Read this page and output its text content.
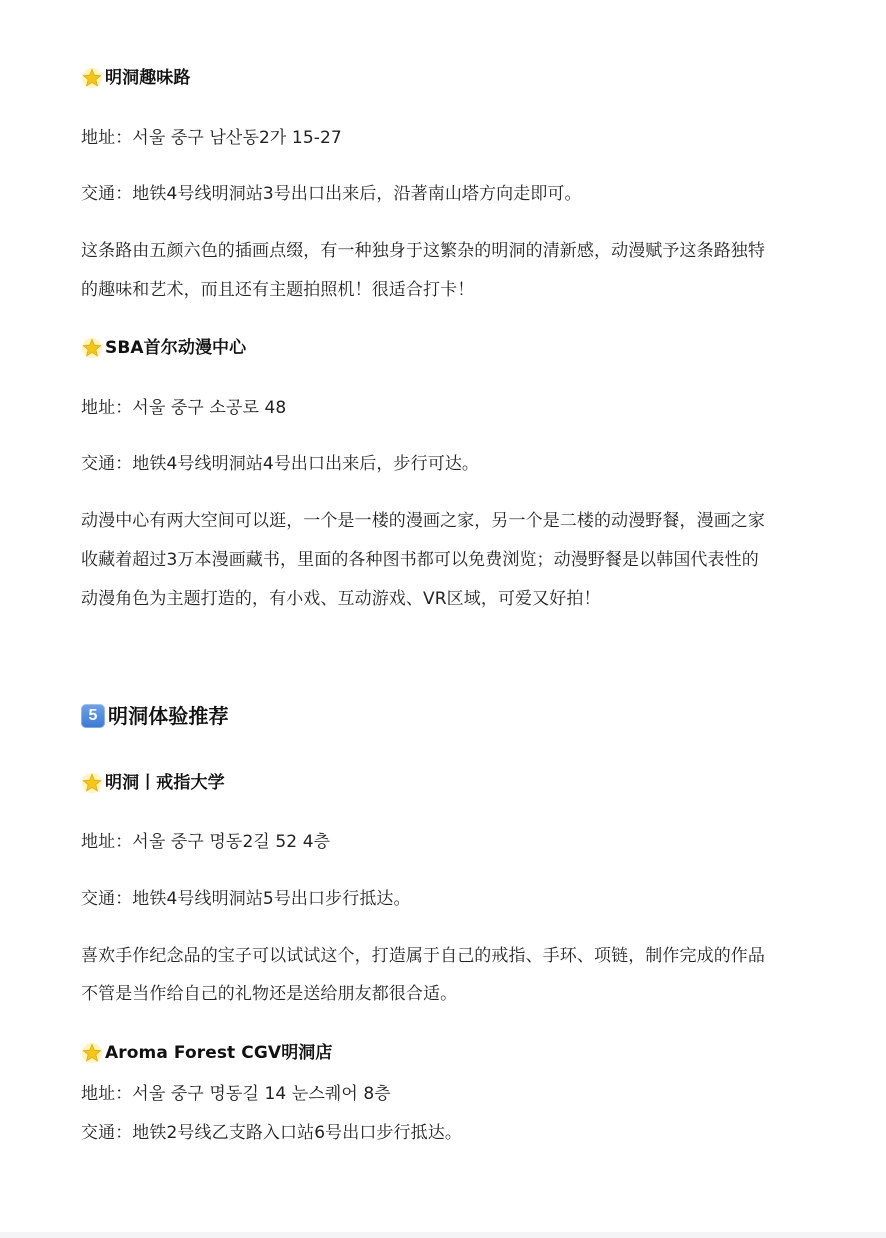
明洞趣味路
地址：서울 중구 남산동2가 15-27
交通：地铁4号线明洞站3号出口出来后，沿著南山塔方向走即可。
这条路由五颜六色的插画点缀，有一种独身于这繁杂的明洞的清新感，动漫赋予这条路独特
的趣味和艺术，而且还有主题拍照机！很适合打卡！
SBA首尔动漫中心
地址：서울 중구 소공로 48
交通：地铁4号线明洞站4号出口出来后，步行可达。
动漫中心有两大空间可以逛，一个是一楼的漫画之家，另一个是二楼的动漫野餐，漫画之家
收藏着超过3万本漫画藏书，里面的各种图书都可以免费浏览；动漫野餐是以韩国代表性的
动漫角色为主题打造的，有小戏、互动游戏、VR区域，可爱又好拍！
5 明洞体验推荐
明洞丨戒指大学
地址：서울 중구 명동2길 52 4층
交通：地铁4号线明洞站5号出口步行抵达。
喜欢手作纪念品的宝子可以试试这个，打造属于自己的戒指、手环、项链，制作完成的作品
不管是当作给自己的礼物还是送给朋友都很合适。
Aroma Forest CGV明洞店
地址：서울 중구 명동길 14 눈스퀘어 8층
交通：地铁2号线乙支路入口站6号出口步行抵达。
